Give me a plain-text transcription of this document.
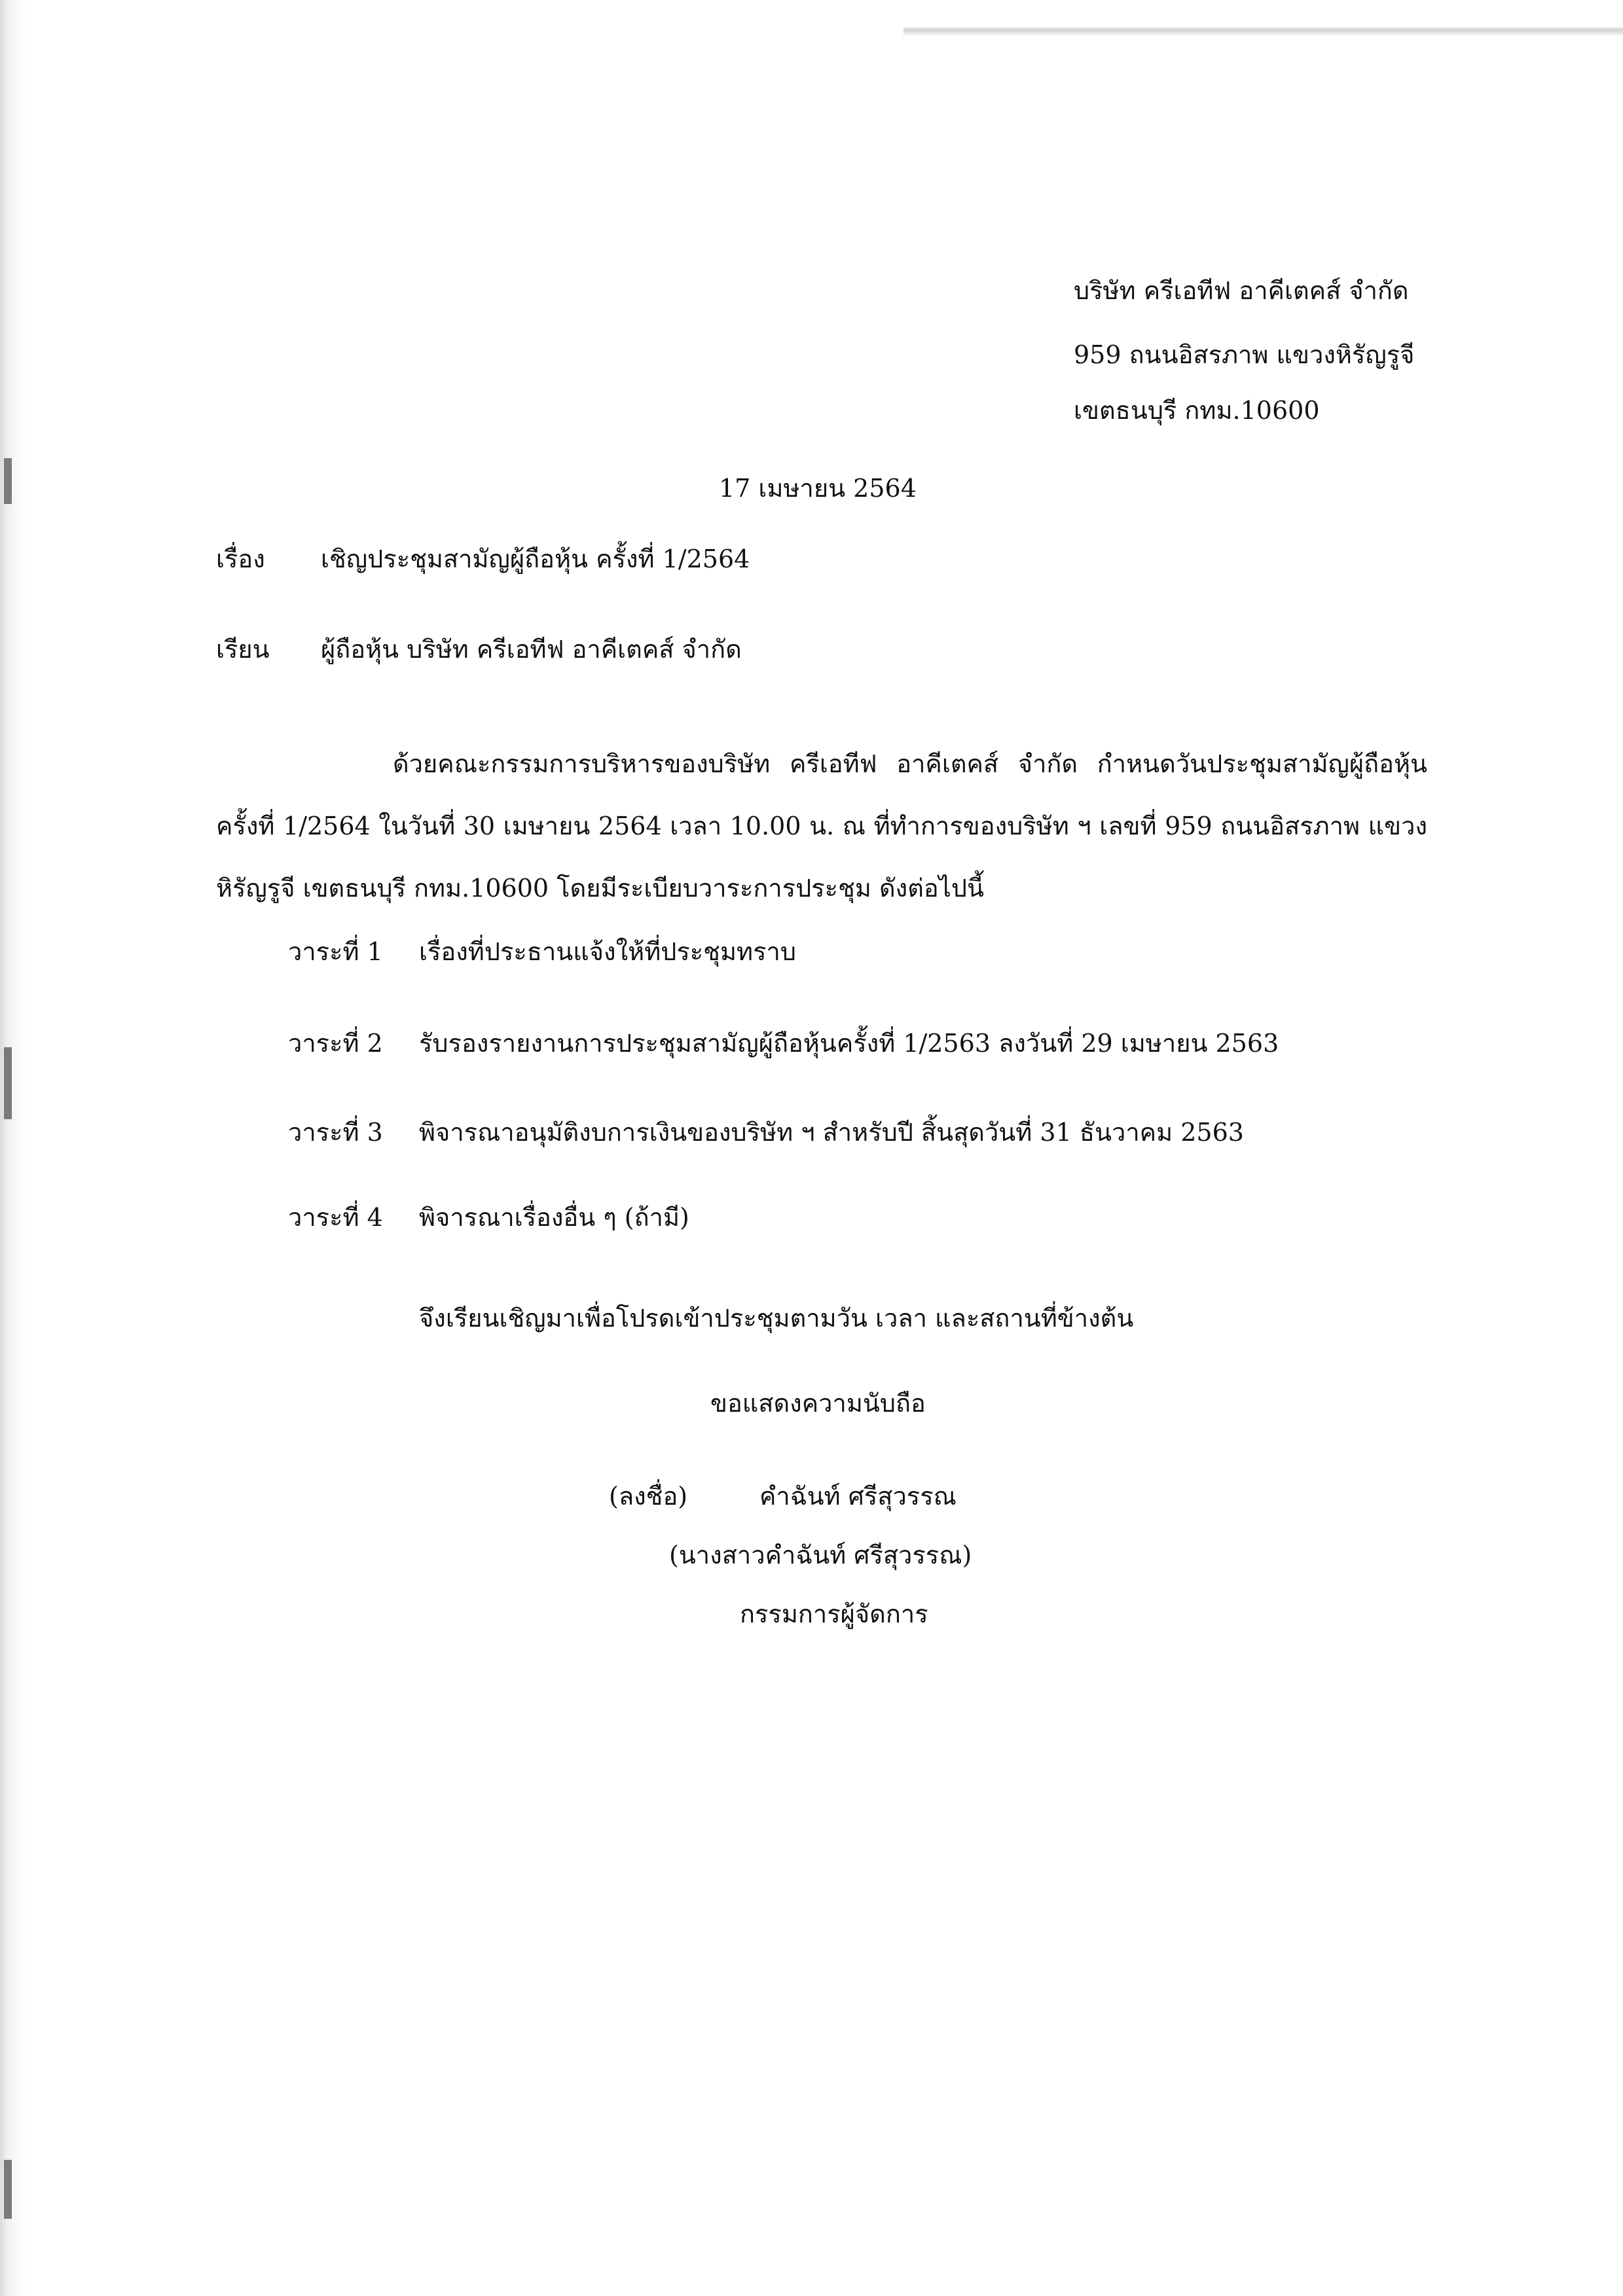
บริษัท ครีเอทีฟ อาคีเตคส์ จำกัด
959 ถนนอิสรภาพ แขวงหิรัญรูจี
เขตธนบุรี กทม.10600
17 เมษายน 2564
เรื่อง เชิญประชุมสามัญผู้ถือหุ้น ครั้งที่ 1/2564
เรียน ผู้ถือหุ้น บริษัท ครีเอทีฟ อาคีเตคส์ จำกัด
ด้วยคณะกรรมการบริหารของบริษัท ครีเอทีฟ อาคีเตคส์ จำกัด กำหนดวันประชุมสามัญผู้ถือหุ้น ครั้งที่ 1/2564 ในวันที่ 30 เมษายน 2564 เวลา 10.00 น. ณ ที่ทำการของบริษัท ฯ เลขที่ 959 ถนนอิสรภาพ แขวงหิรัญรูจี เขตธนบุรี กทม.10600 โดยมีระเบียบวาระการประชุม ดังต่อไปนี้
วาระที่ 1 เรื่องที่ประธานแจ้งให้ที่ประชุมทราบ
วาระที่ 2 รับรองรายงานการประชุมสามัญผู้ถือหุ้นครั้งที่ 1/2563 ลงวันที่ 29 เมษายน 2563
วาระที่ 3 พิจารณาอนุมัติงบการเงินของบริษัท ฯ สำหรับปี สิ้นสุดวันที่ 31 ธันวาคม 2563
วาระที่ 4 พิจารณาเรื่องอื่น ๆ (ถ้ามี)
จึงเรียนเชิญมาเพื่อโปรดเข้าประชุมตามวัน เวลา และสถานที่ข้างต้น
ขอแสดงความนับถือ
(ลงชื่อ)	คำฉันท์ ศรีสุวรรณ
(นางสาวคำฉันท์ ศรีสุวรรณ)
กรรมการผู้จัดการ
